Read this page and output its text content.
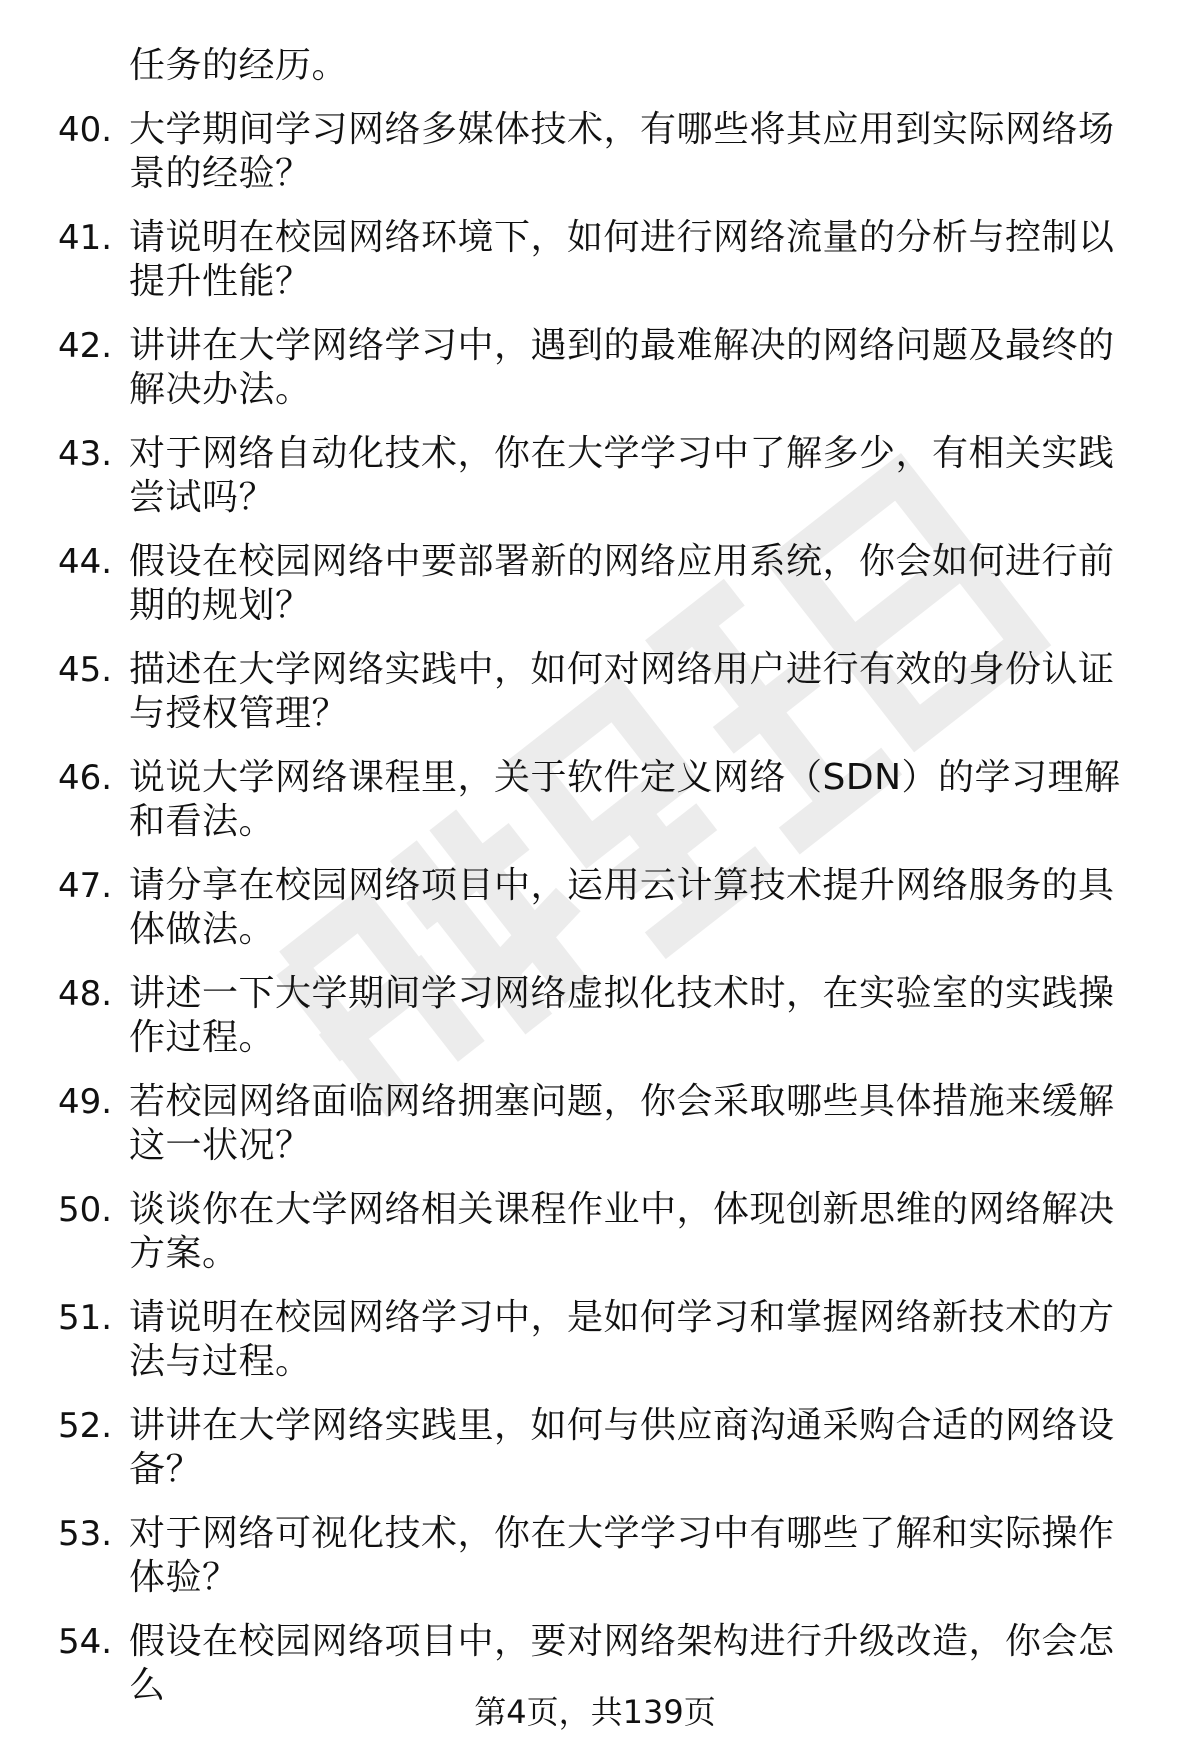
任务的经历。

40. 大学期间学习网络多媒体技术，有哪些将其应用到实际网络场景的经验？
41. 请说明在校园网络环境下，如何进行网络流量的分析与控制以提升性能？
42. 讲讲在大学网络学习中，遇到的最难解决的网络问题及最终的解决办法。
43. 对于网络自动化技术，你在大学学习中了解多少，有相关实践尝试吗？
44. 假设在校园网络中要部署新的网络应用系统，你会如何进行前期的规划？
45. 描述在大学网络实践中，如何对网络用户进行有效的身份认证与授权管理？
46. 说说大学网络课程里，关于软件定义网络（SDN）的学习理解和看法。
47. 请分享在校园网络项目中，运用云计算技术提升网络服务的具体做法。
48. 讲述一下大学期间学习网络虚拟化技术时，在实验室的实践操作过程。
49. 若校园网络面临网络拥塞问题，你会采取哪些具体措施来缓解这一状况？
50. 谈谈你在大学网络相关课程作业中，体现创新思维的网络解决方案。
51. 请说明在校园网络学习中，是如何学习和掌握网络新技术的方法与过程。
52. 讲讲在大学网络实践里，如何与供应商沟通采购合适的网络设备？
53. 对于网络可视化技术，你在大学学习中有哪些了解和实际操作体验？
54. 假设在校园网络项目中，要对网络架构进行升级改造，你会怎么
第4页，共139页
